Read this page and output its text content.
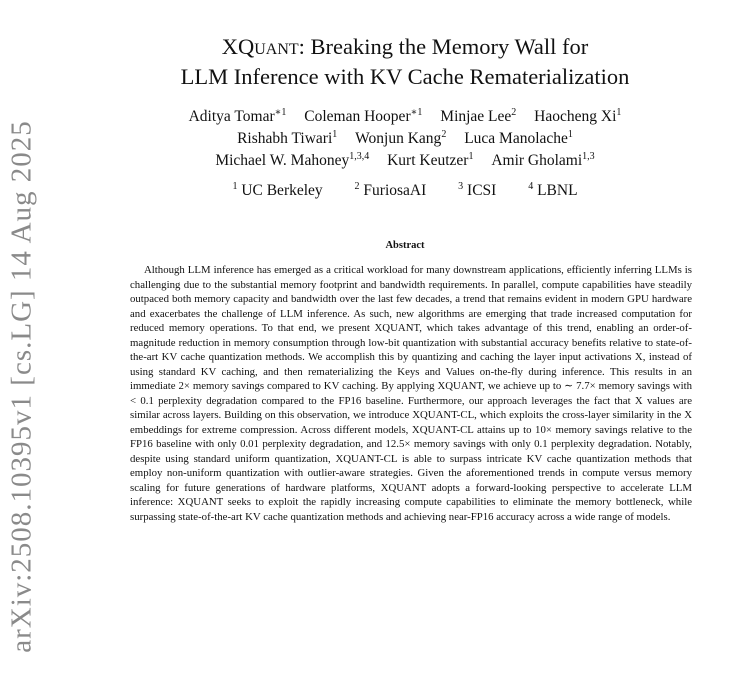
arXiv:2508.10395v1 [cs.LG] 14 Aug 2025
XQuant: Breaking the Memory Wall for
LLM Inference with KV Cache Rematerialization
Aditya Tomar$^{∗1}$ Coleman Hooper$^{∗1}$ Minjae Lee$^2$ Haocheng Xi$^1$
Rishabh Tiwari$^1$ Wonjun Kang$^2$ Luca Manolache$^1$
Michael W. Mahoney$^{1,3,4}$ Kurt Keutzer$^1$ Amir Gholami$^{1,3}$
$^1$ UC Berkeley	$^2$ FuriosaAI	$^3$ ICSI	$^4$ LBNL
Abstract

Although LLM inference has emerged as a critical workload for many downstream applications, efficiently inferring LLMs is challenging due to the substantial memory footprint and bandwidth requirements. In parallel, compute capabilities have steadily outpaced both memory capacity and bandwidth over the last few decades, a trend that remains evident in modern GPU hardware and exacerbates the challenge of LLM inference. As such, new algorithms are emerging that trade increased computation for reduced memory operations. To that end, we present XQUANT, which takes advantage of this trend, enabling an order-of-magnitude reduction in memory consumption through low-bit quantization with substantial accuracy benefits relative to state-of-the-art KV cache quantization methods. We accomplish this by quantizing and caching the layer input activations X, instead of using standard KV caching, and then rematerializing the Keys and Values on-the-fly during inference. This results in an immediate 2× memory savings compared to KV caching. By applying XQUANT, we achieve up to ∼ 7.7× memory savings with < 0.1 perplexity degradation compared to the FP16 baseline. Furthermore, our approach leverages the fact that X values are similar across layers. Building on this observation, we introduce XQUANT-CL, which exploits the cross-layer similarity in the X embeddings for extreme compression. Across different models, XQUANT-CL attains up to 10× memory savings relative to the FP16 baseline with only 0.01 perplexity degradation, and 12.5× memory savings with only 0.1 perplexity degradation. Notably, despite using standard uniform quantization, XQUANT-CL is able to surpass intricate KV cache quantization methods that employ non-uniform quantization with outlier-aware strategies. Given the aforementioned trends in compute versus memory scaling for future generations of hardware platforms, XQUANT adopts a forward-looking perspective to accelerate LLM inference: XQUANT seeks to exploit the rapidly increasing compute capabilities to eliminate the memory bottleneck, while surpassing state-of-the-art KV cache quantization methods and achieving near-FP16 accuracy across a wide range of models.
